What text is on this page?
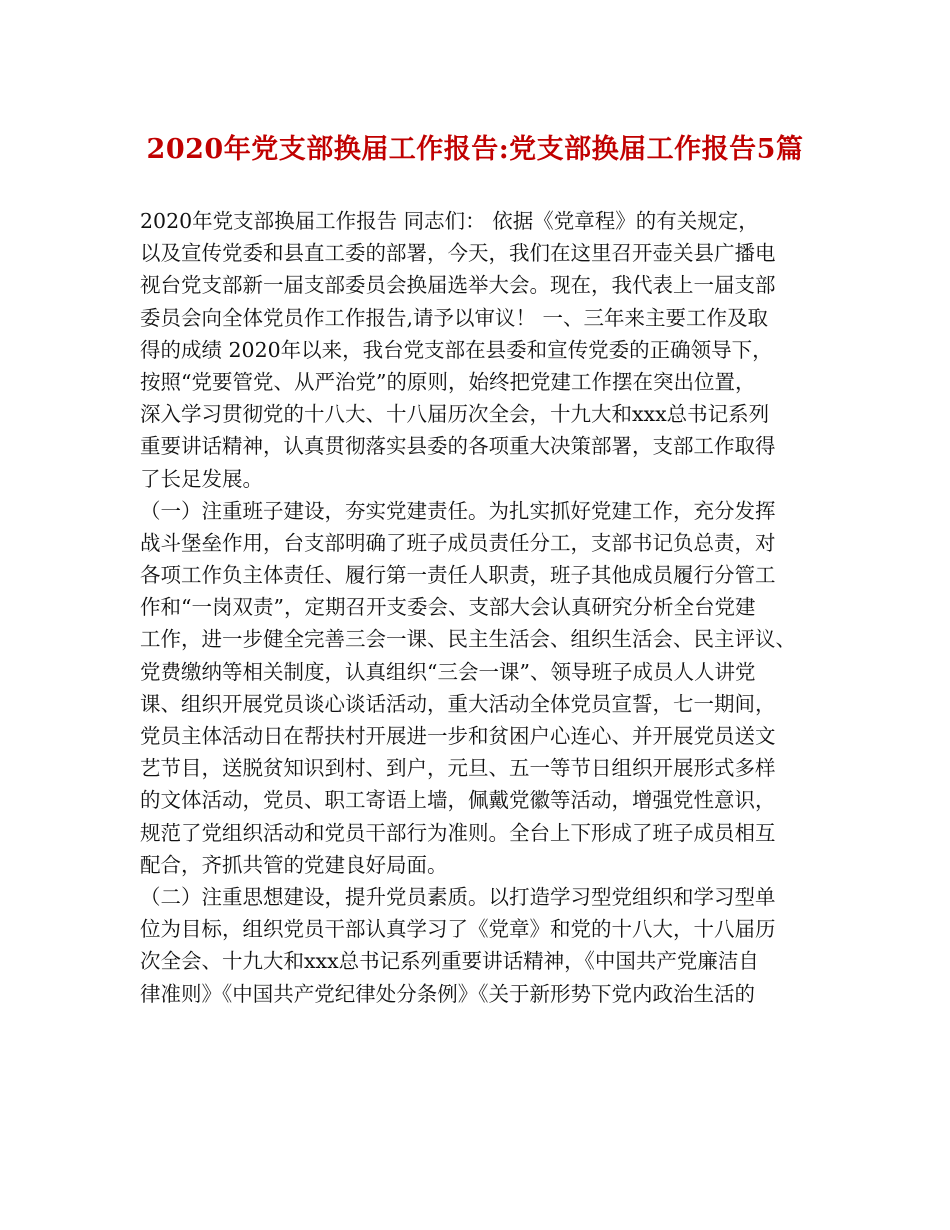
2020年党支部换届工作报告:党支部换届工作报告5篇
2020年党支部换届工作报告 同志们： 依据《党章程》的有关规定，
以及宣传党委和县直工委的部署，今天，我们在这里召开壶关县广播电
视台党支部新一届支部委员会换届选举大会。现在，我代表上一届支部
委员会向全体党员作工作报告,请予以审议！ 一、三年来主要工作及取
得的成绩 2020年以来，我台党支部在县委和宣传党委的正确领导下，
按照“党要管党、从严治党”的原则，始终把党建工作摆在突出位置，
深入学习贯彻党的十八大、十八届历次全会，十九大和xxx总书记系列
重要讲话精神，认真贯彻落实县委的各项重大决策部署，支部工作取得
了长足发展。
（一）注重班子建设，夯实党建责任。为扎实抓好党建工作，充分发挥
战斗堡垒作用，台支部明确了班子成员责任分工，支部书记负总责，对
各项工作负主体责任、履行第一责任人职责，班子其他成员履行分管工
作和“一岗双责”，定期召开支委会、支部大会认真研究分析全台党建
工作，进一步健全完善三会一课、民主生活会、组织生活会、民主评议、
党费缴纳等相关制度，认真组织“三会一课”、领导班子成员人人讲党
课、组织开展党员谈心谈话活动，重大活动全体党员宣誓，七一期间，
党员主体活动日在帮扶村开展进一步和贫困户心连心、并开展党员送文
艺节目，送脱贫知识到村、到户，元旦、五一等节日组织开展形式多样
的文体活动，党员、职工寄语上墙，佩戴党徽等活动，增强党性意识，
规范了党组织活动和党员干部行为准则。全台上下形成了班子成员相互
配合，齐抓共管的党建良好局面。
（二）注重思想建设，提升党员素质。以打造学习型党组织和学习型单
位为目标，组织党员干部认真学习了《党章》和党的十八大，十八届历
次全会、十九大和xxx总书记系列重要讲话精神，《中国共产党廉洁自
律准则》《中国共产党纪律处分条例》《关于新形势下党内政治生活的
